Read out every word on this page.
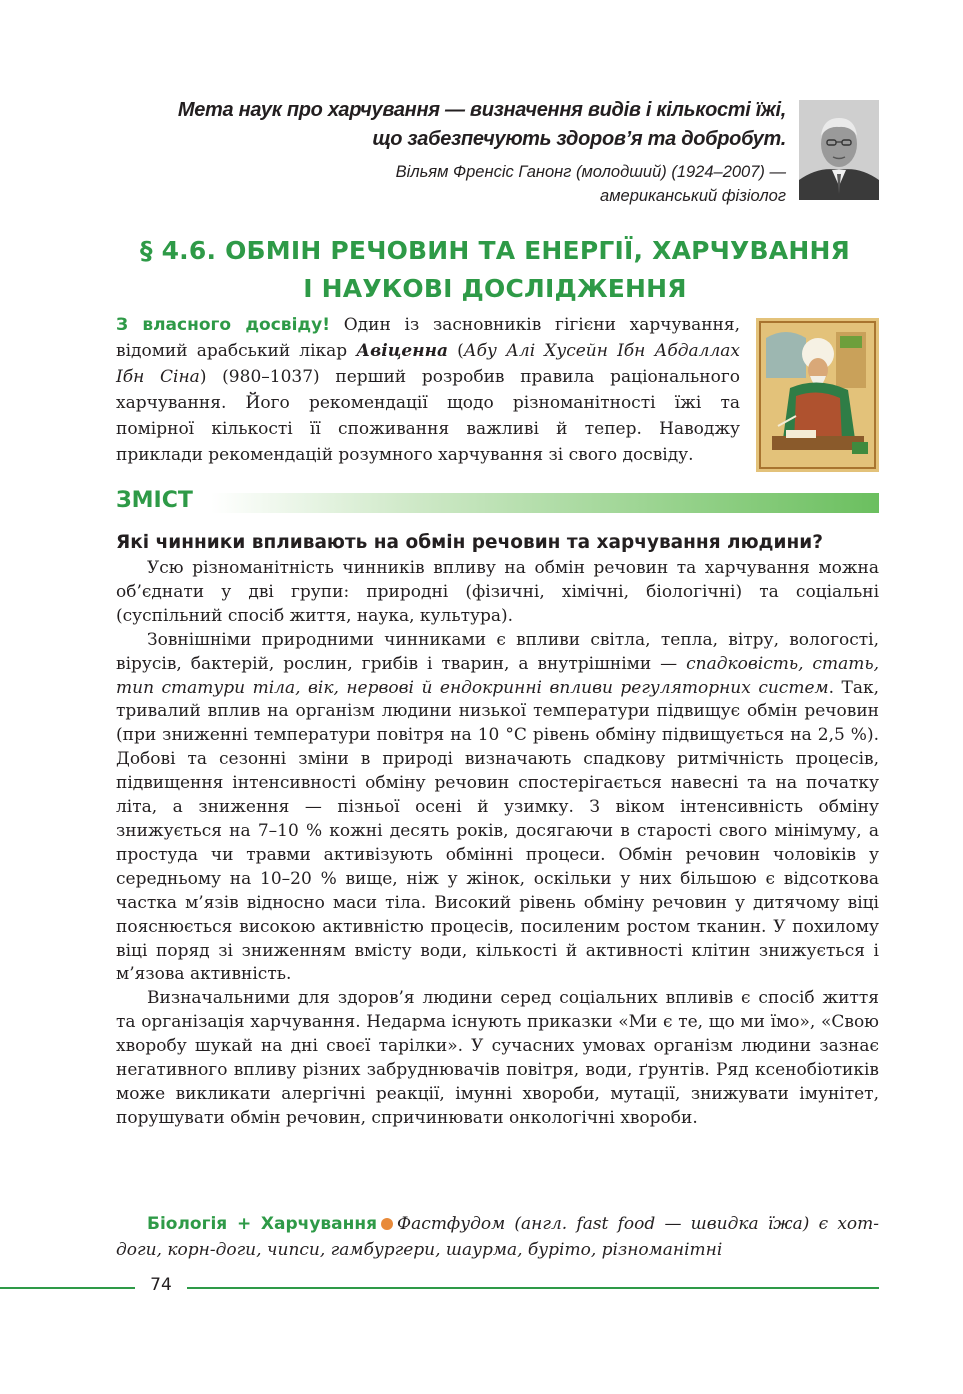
Мета наук про харчування — визначення видів і кількості їжі,
що забезпечують здоров’я та добробут.
Вільям Френсіс Ганонг (молодший) (1924–2007) —
американський фізіолог
§ 4.6. ОБМІН РЕЧОВИН ТА ЕНЕРГІЇ, ХАРЧУВАННЯ
І НАУКОВІ ДОСЛІДЖЕННЯ
З власного досвіду! Один із засновників гігієни харчування, відомий арабський лікар Авіценна (Абу Алі Хусейн Ібн Абдаллах Ібн Сіна) (980–1037) перший розробив правила раціонального харчування. Його рекомендації щодо різноманітності їжі та помірної кількості її споживання важливі й тепер. Наводжу приклади рекомендацій розумного харчування зі свого досвіду.
ЗМІСТ
Які чинники впливають на обмін речовин та харчування людини?

Усю різноманітність чинників впливу на обмін речовин та харчування можна об’єднати у дві групи: природні (фізичні, хімічні, біологічні) та соціальні (суспільний спосіб життя, наука, культура).

Зовнішніми природними чинниками є впливи світла, тепла, вітру, вологості, вірусів, бактерій, рослин, грибів і тварин, а внутрішніми — спадковість, стать, тип статури тіла, вік, нервові й ендокринні впливи регуляторних систем. Так, тривалий вплив на організм людини низької температури підвищує обмін речовин (при зниженні температури повітря на 10 °С рівень обміну підвищується на 2,5 %). Добові та сезонні зміни в природі визначають спадкову ритмічність процесів, підвищення інтенсивності обміну речовин спостерігається навесні та на початку літа, а зниження — пізньої осені й узимку. З віком інтенсивність обміну знижується на 7–10 % кожні десять років, досягаючи в старості свого мінімуму, а простуда чи травми активізують обмінні процеси. Обмін речовин чоловіків у середньому на 10–20 % вище, ніж у жінок, оскільки у них більшою є відсоткова частка м’язів відносно маси тіла. Високий рівень обміну речовин у дитячому віці пояснюється високою активністю процесів, посиленим ростом тканин. У похилому віці поряд зі зниженням вмісту води, кількості й активності клітин знижується і м’язова активність.

Визначальними для здоров’я людини серед соціальних впливів є спосіб життя та організація харчування. Недарма існують приказки «Ми є те, що ми їмо», «Свою хворобу шукай на дні своєї тарілки». У сучасних умовах організм людини зазнає негативного впливу різних забруднювачів повітря, води, ґрунтів. Ряд ксенобіотиків може викликати алергічні реакції, імунні хвороби, мутації, знижувати імунітет, порушувати обмін речовин, спричинювати онкологічні хвороби.

Біологія + Харчування Фастфудом (англ. fast food — швидка їжа) є хот-доги, корн-доги, чипси, гамбургери, шаурма, буріто, різноманітні
74
